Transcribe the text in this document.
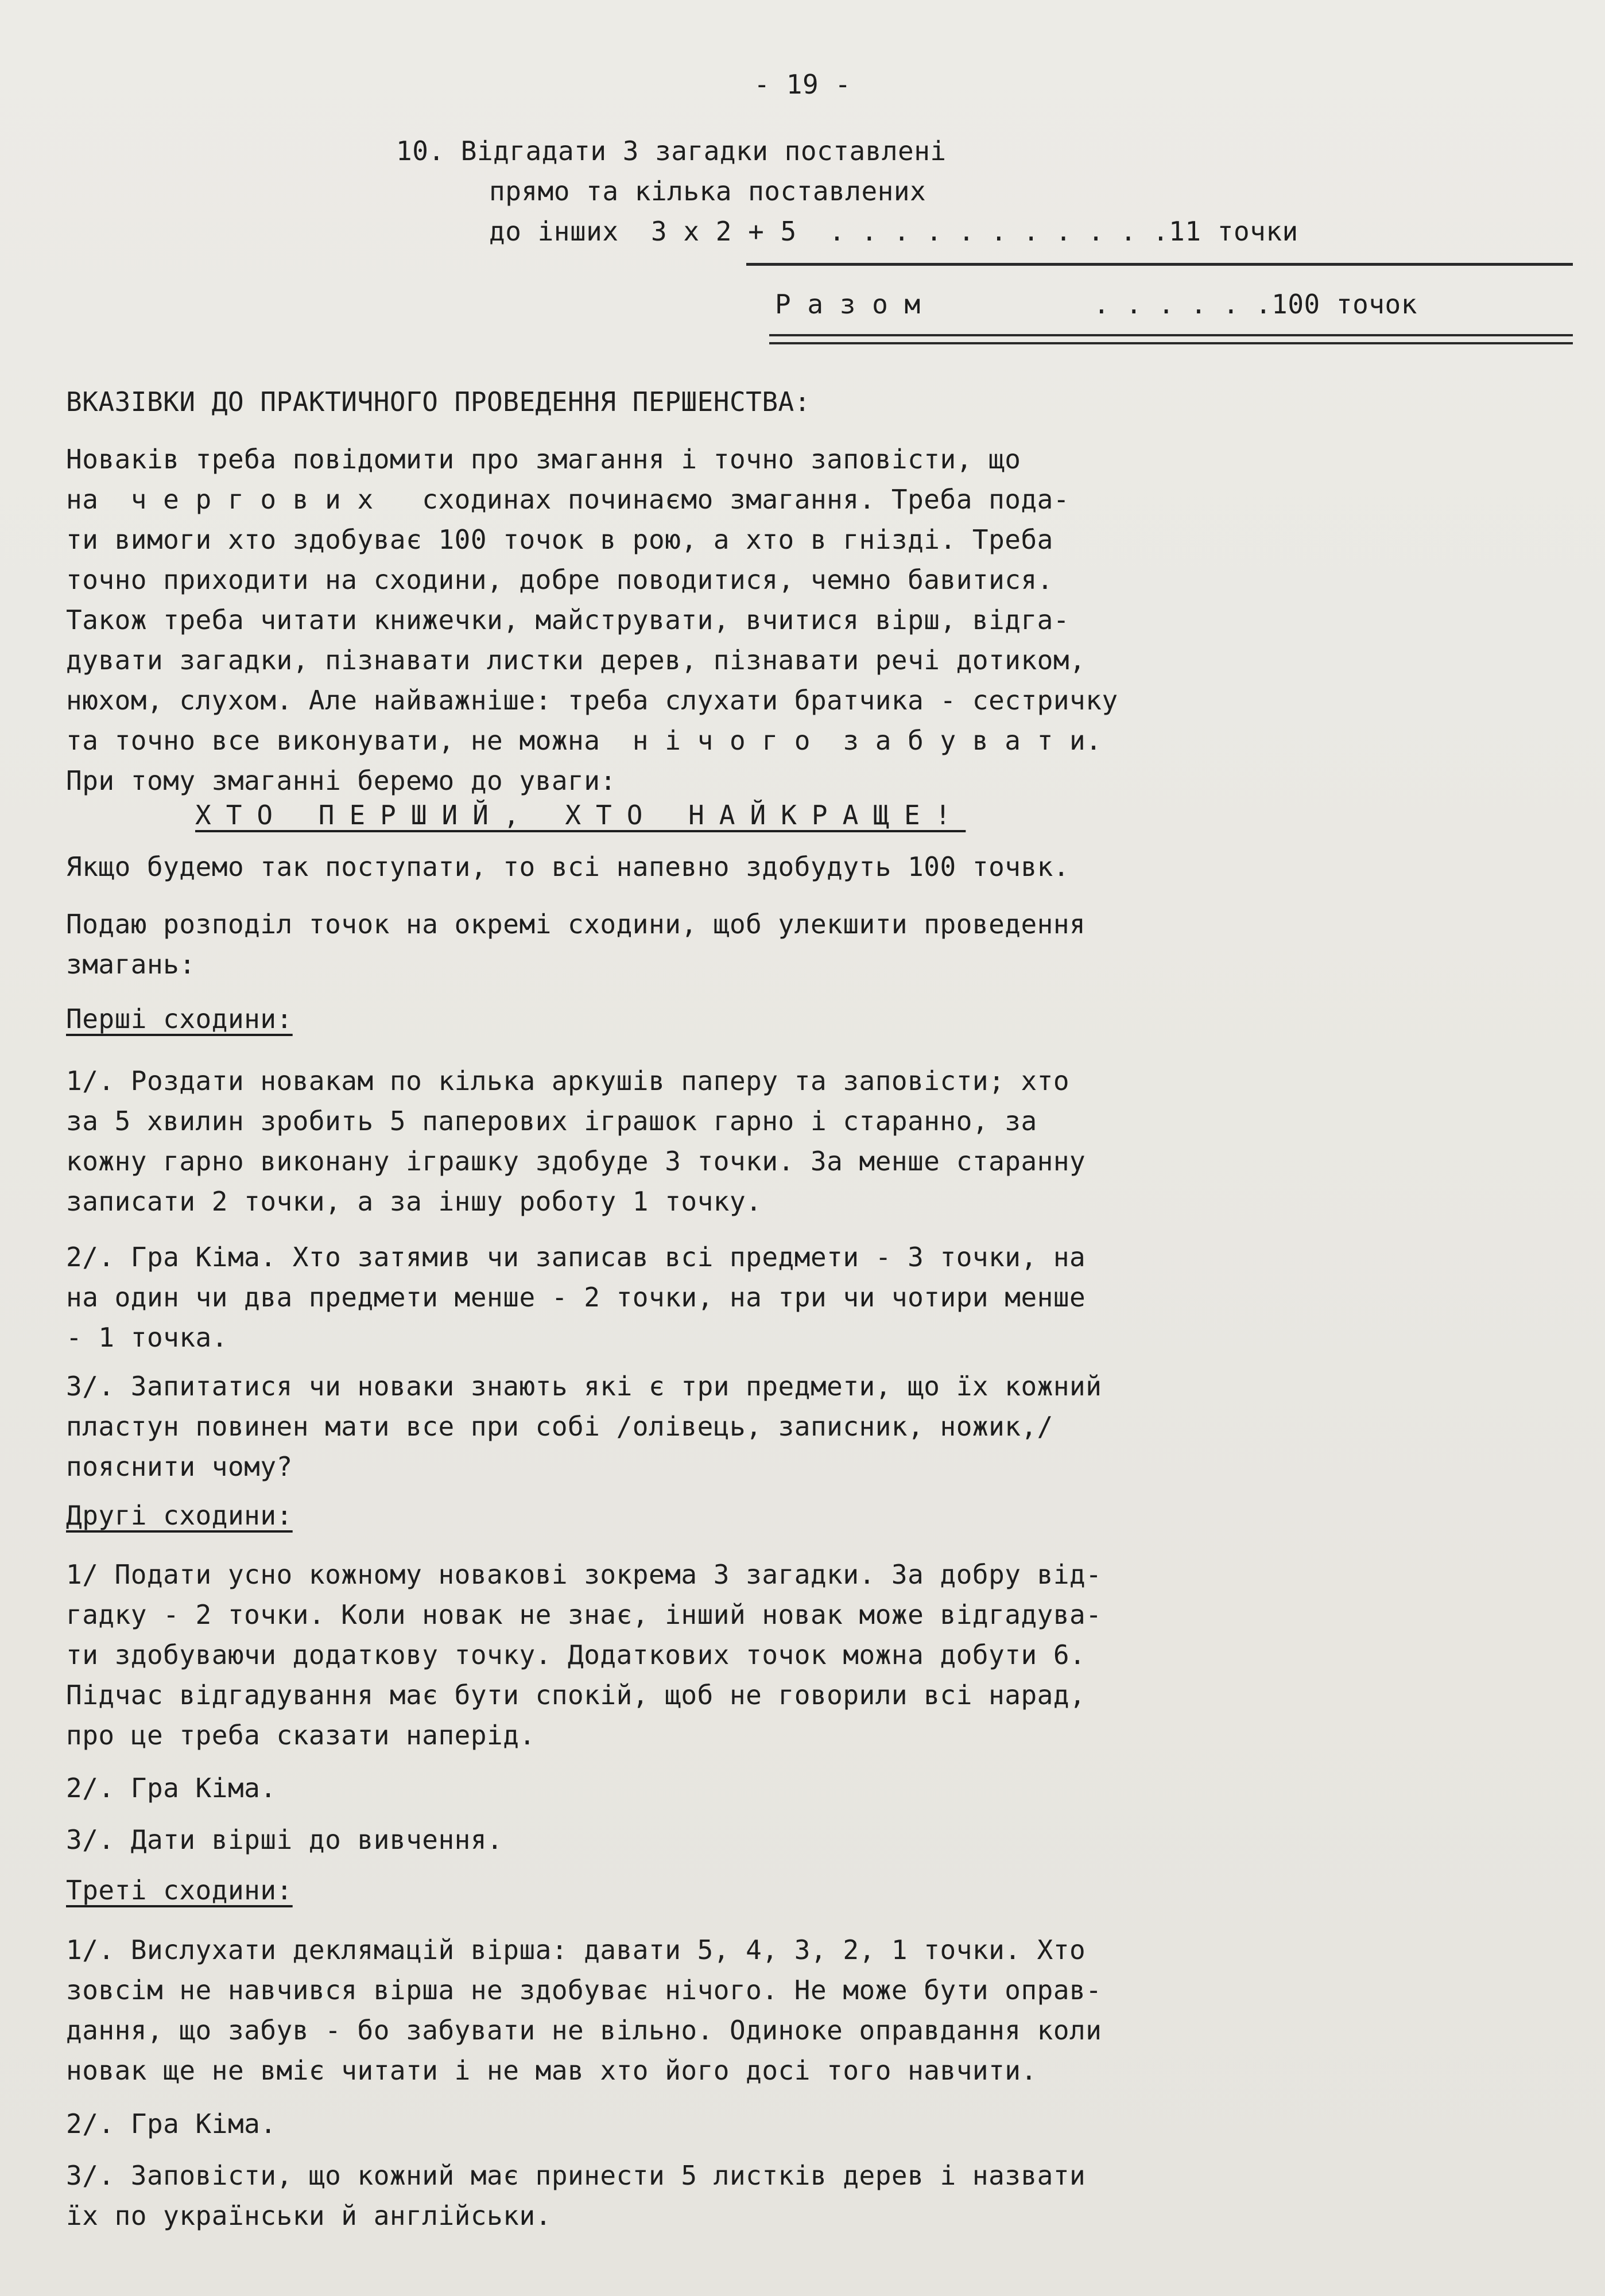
- 19 -

10. Відгадати 3 загадки поставлені

прямо та кілька поставлених

до інших  3 x 2 + 5  . . . . . . . . . . .11 точки

Р а з о м	. . . . . .100 точок

ВКАЗІВКИ ДО ПРАКТИЧНОГО ПРОВЕДЕННЯ ПЕРШЕНСТВА:

Новаків треба повідомити про змагання і точно заповісти, що

на  ч е р г о в и х   сходинах починаємо змагання. Треба пода-

ти вимоги хто здобуває 100 точок в рою, а хто в гнізді. Треба

точно приходити на сходини, добре поводитися, чемно бавитися.

Також треба читати книжечки, майструвати, вчитися вірш, відга-

дувати загадки, пізнавати листки дерев, пізнавати речі дотиком,

нюхом, слухом. Але найважніше: треба слухати братчика - сестричку

та точно все виконувати, не можна  н і ч о г о  з а б у в а т и.

При тому змаганні беремо до уваги:

ХТО ПЕРШИЙ, ХТО НАЙКРАЩЕ!

Якщо будемо так поступати, то всі напевно здобудуть 100 точвк.

Подаю розподіл точок на окремі сходини, щоб улекшити проведення

змагань:

Перші сходини:

1/. Роздати новакам по кілька аркушів паперу та заповісти; хто

за 5 хвилин зробить 5 паперових іграшок гарно і старанно, за

кожну гарно виконану іграшку здобуде 3 точки. За менше старанну

записати 2 точки, а за іншу роботу 1 точку.

2/. Гра Кіма. Хто затямив чи записав всі предмети - 3 точки, на

на один чи два предмети менше - 2 точки, на три чи чотири менше

- 1 точка.

3/. Запитатися чи новаки знають які є три предмети, що їх кожний

пластун повинен мати все при собі /олівець, записник, ножик,/

пояснити чому?

Другі сходини:

1/ Подати усно кожному новакові зокрема 3 загадки. За добру від-

гадку - 2 точки. Коли новак не знає, інший новак може відгадува-

ти здобуваючи додаткову точку. Додаткових точок можна добути 6.

Підчас відгадування має бути спокій, щоб не говорили всі нарад,

про це треба сказати наперід.

2/. Гра Кіма.

3/. Дати вірші до вивчення.

Треті сходини:

1/. Вислухати деклямацій вірша: давати 5, 4, 3, 2, 1 точки. Хто

зовсім не навчився вірша не здобуває нічого. Не може бути оправ-

дання, що забув - бо забувати не вільно. Одиноке оправдання коли

новак ще не вміє читати і не мав хто його досі того навчити.

2/. Гра Кіма.

3/. Заповісти, що кожний має принести 5 листків дерев і назвати

їх по українськи й англійськи.
